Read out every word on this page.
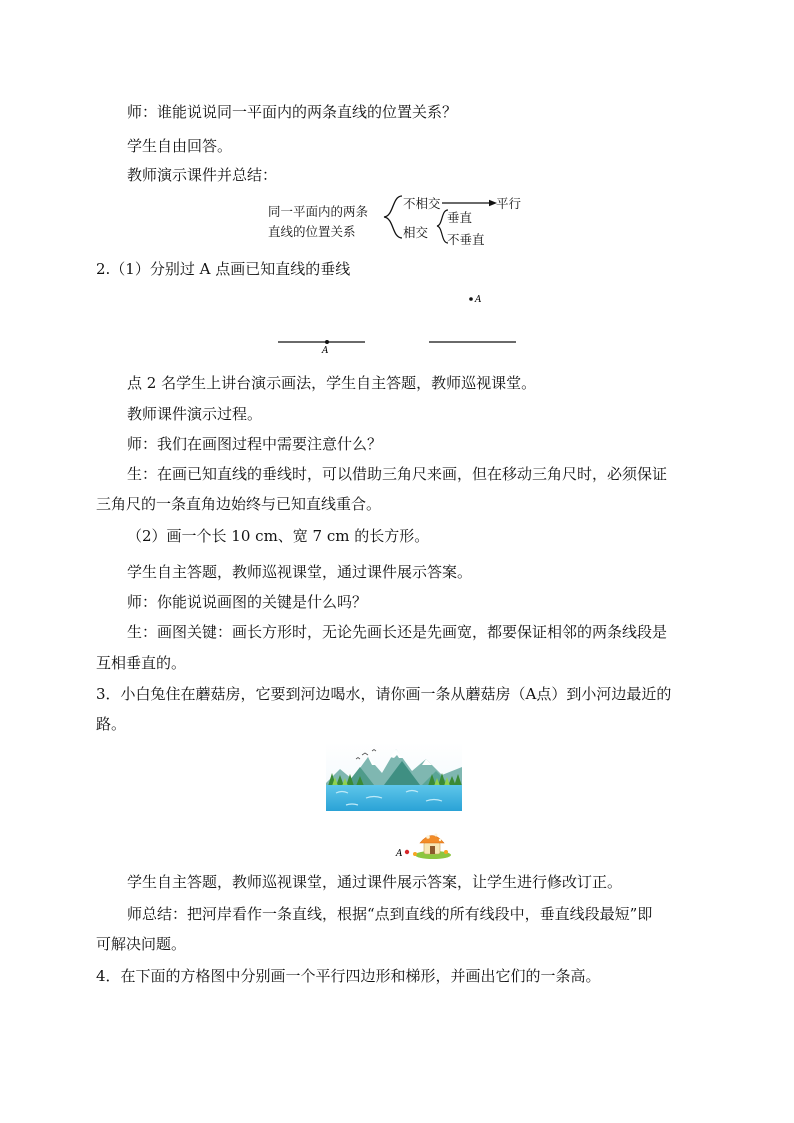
师：谁能说说同一平面内的两条直线的位置关系？
学生自由回答。
教师演示课件并总结：
同一平面内的两条
直线的位置关系
不相交	平行
相交
垂直
不垂直
2.（1）分别过 A 点画已知直线的垂线
A
A
点 2 名学生上讲台演示画法，学生自主答题，教师巡视课堂。
教师课件演示过程。
师：我们在画图过程中需要注意什么？
生：在画已知直线的垂线时，可以借助三角尺来画，但在移动三角尺时，必须保证
三角尺的一条直角边始终与已知直线重合。
（2）画一个长 10 cm、宽 7 cm 的长方形。
学生自主答题，教师巡视课堂，通过课件展示答案。
师：你能说说画图的关键是什么吗？
生：画图关键：画长方形时，无论先画长还是先画宽，都要保证相邻的两条线段是
互相垂直的。
3．小白兔住在蘑菇房，它要到河边喝水，请你画一条从蘑菇房（A点）到小河边最近的
路。
A
学生自主答题，教师巡视课堂，通过课件展示答案，让学生进行修改订正。
师总结：把河岸看作一条直线，根据“点到直线的所有线段中，垂直线段最短”即
可解决问题。
4．在下面的方格图中分别画一个平行四边形和梯形，并画出它们的一条高。
